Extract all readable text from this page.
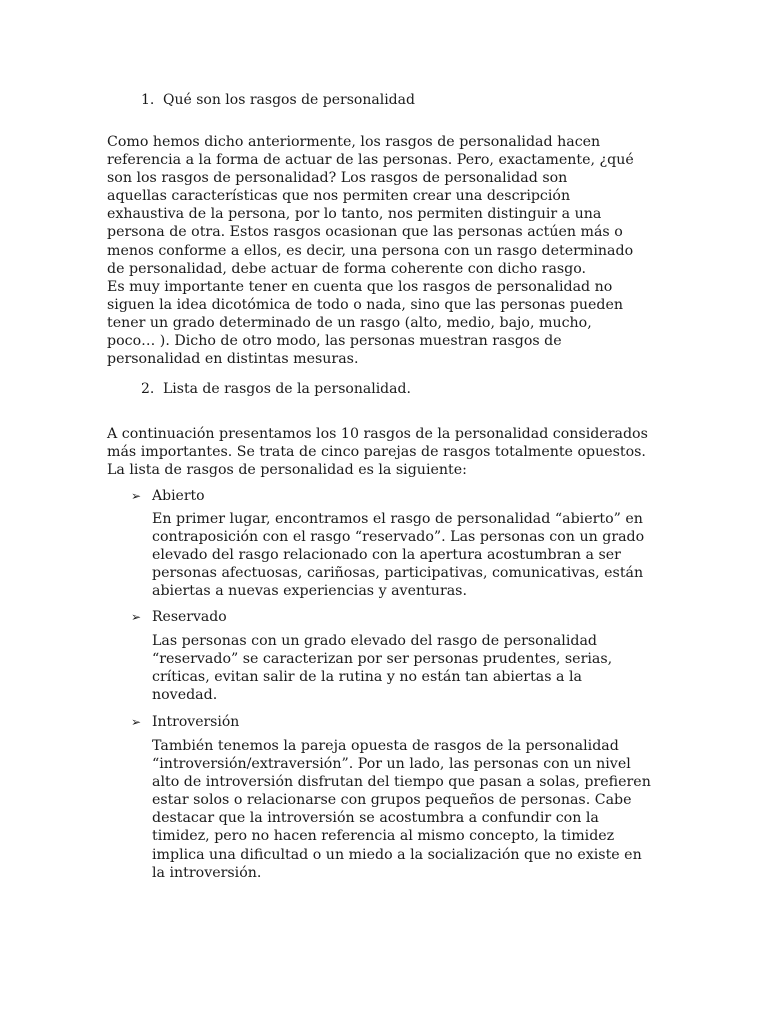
1. Qué son los rasgos de personalidad
Como hemos dicho anteriormente, los rasgos de personalidad hacen
referencia a la forma de actuar de las personas. Pero, exactamente, ¿qué
son los rasgos de personalidad? Los rasgos de personalidad son
aquellas características que nos permiten crear una descripción
exhaustiva de la persona, por lo tanto, nos permiten distinguir a una
persona de otra. Estos rasgos ocasionan que las personas actúen más o
menos conforme a ellos, es decir, una persona con un rasgo determinado
de personalidad, debe actuar de forma coherente con dicho rasgo.
Es muy importante tener en cuenta que los rasgos de personalidad no
siguen la idea dicotómica de todo o nada, sino que las personas pueden
tener un grado determinado de un rasgo (alto, medio, bajo, mucho,
poco… ). Dicho de otro modo, las personas muestran rasgos de
personalidad en distintas mesuras.
2. Lista de rasgos de la personalidad.
A continuación presentamos los 10 rasgos de la personalidad considerados
más importantes. Se trata de cinco parejas de rasgos totalmente opuestos.
La lista de rasgos de personalidad es la siguiente:
➢ Abierto
En primer lugar, encontramos el rasgo de personalidad “abierto” en
contraposición con el rasgo “reservado”. Las personas con un grado
elevado del rasgo relacionado con la apertura acostumbran a ser
personas afectuosas, cariñosas, participativas, comunicativas, están
abiertas a nuevas experiencias y aventuras.
➢ Reservado
Las personas con un grado elevado del rasgo de personalidad
“reservado” se caracterizan por ser personas prudentes, serias,
críticas, evitan salir de la rutina y no están tan abiertas a la
novedad.
➢ Introversión
También tenemos la pareja opuesta de rasgos de la personalidad
“introversión/extraversión”. Por un lado, las personas con un nivel
alto de introversión disfrutan del tiempo que pasan a solas, prefieren
estar solos o relacionarse con grupos pequeños de personas. Cabe
destacar que la introversión se acostumbra a confundir con la
timidez, pero no hacen referencia al mismo concepto, la timidez
implica una dificultad o un miedo a la socialización que no existe en
la introversión.
